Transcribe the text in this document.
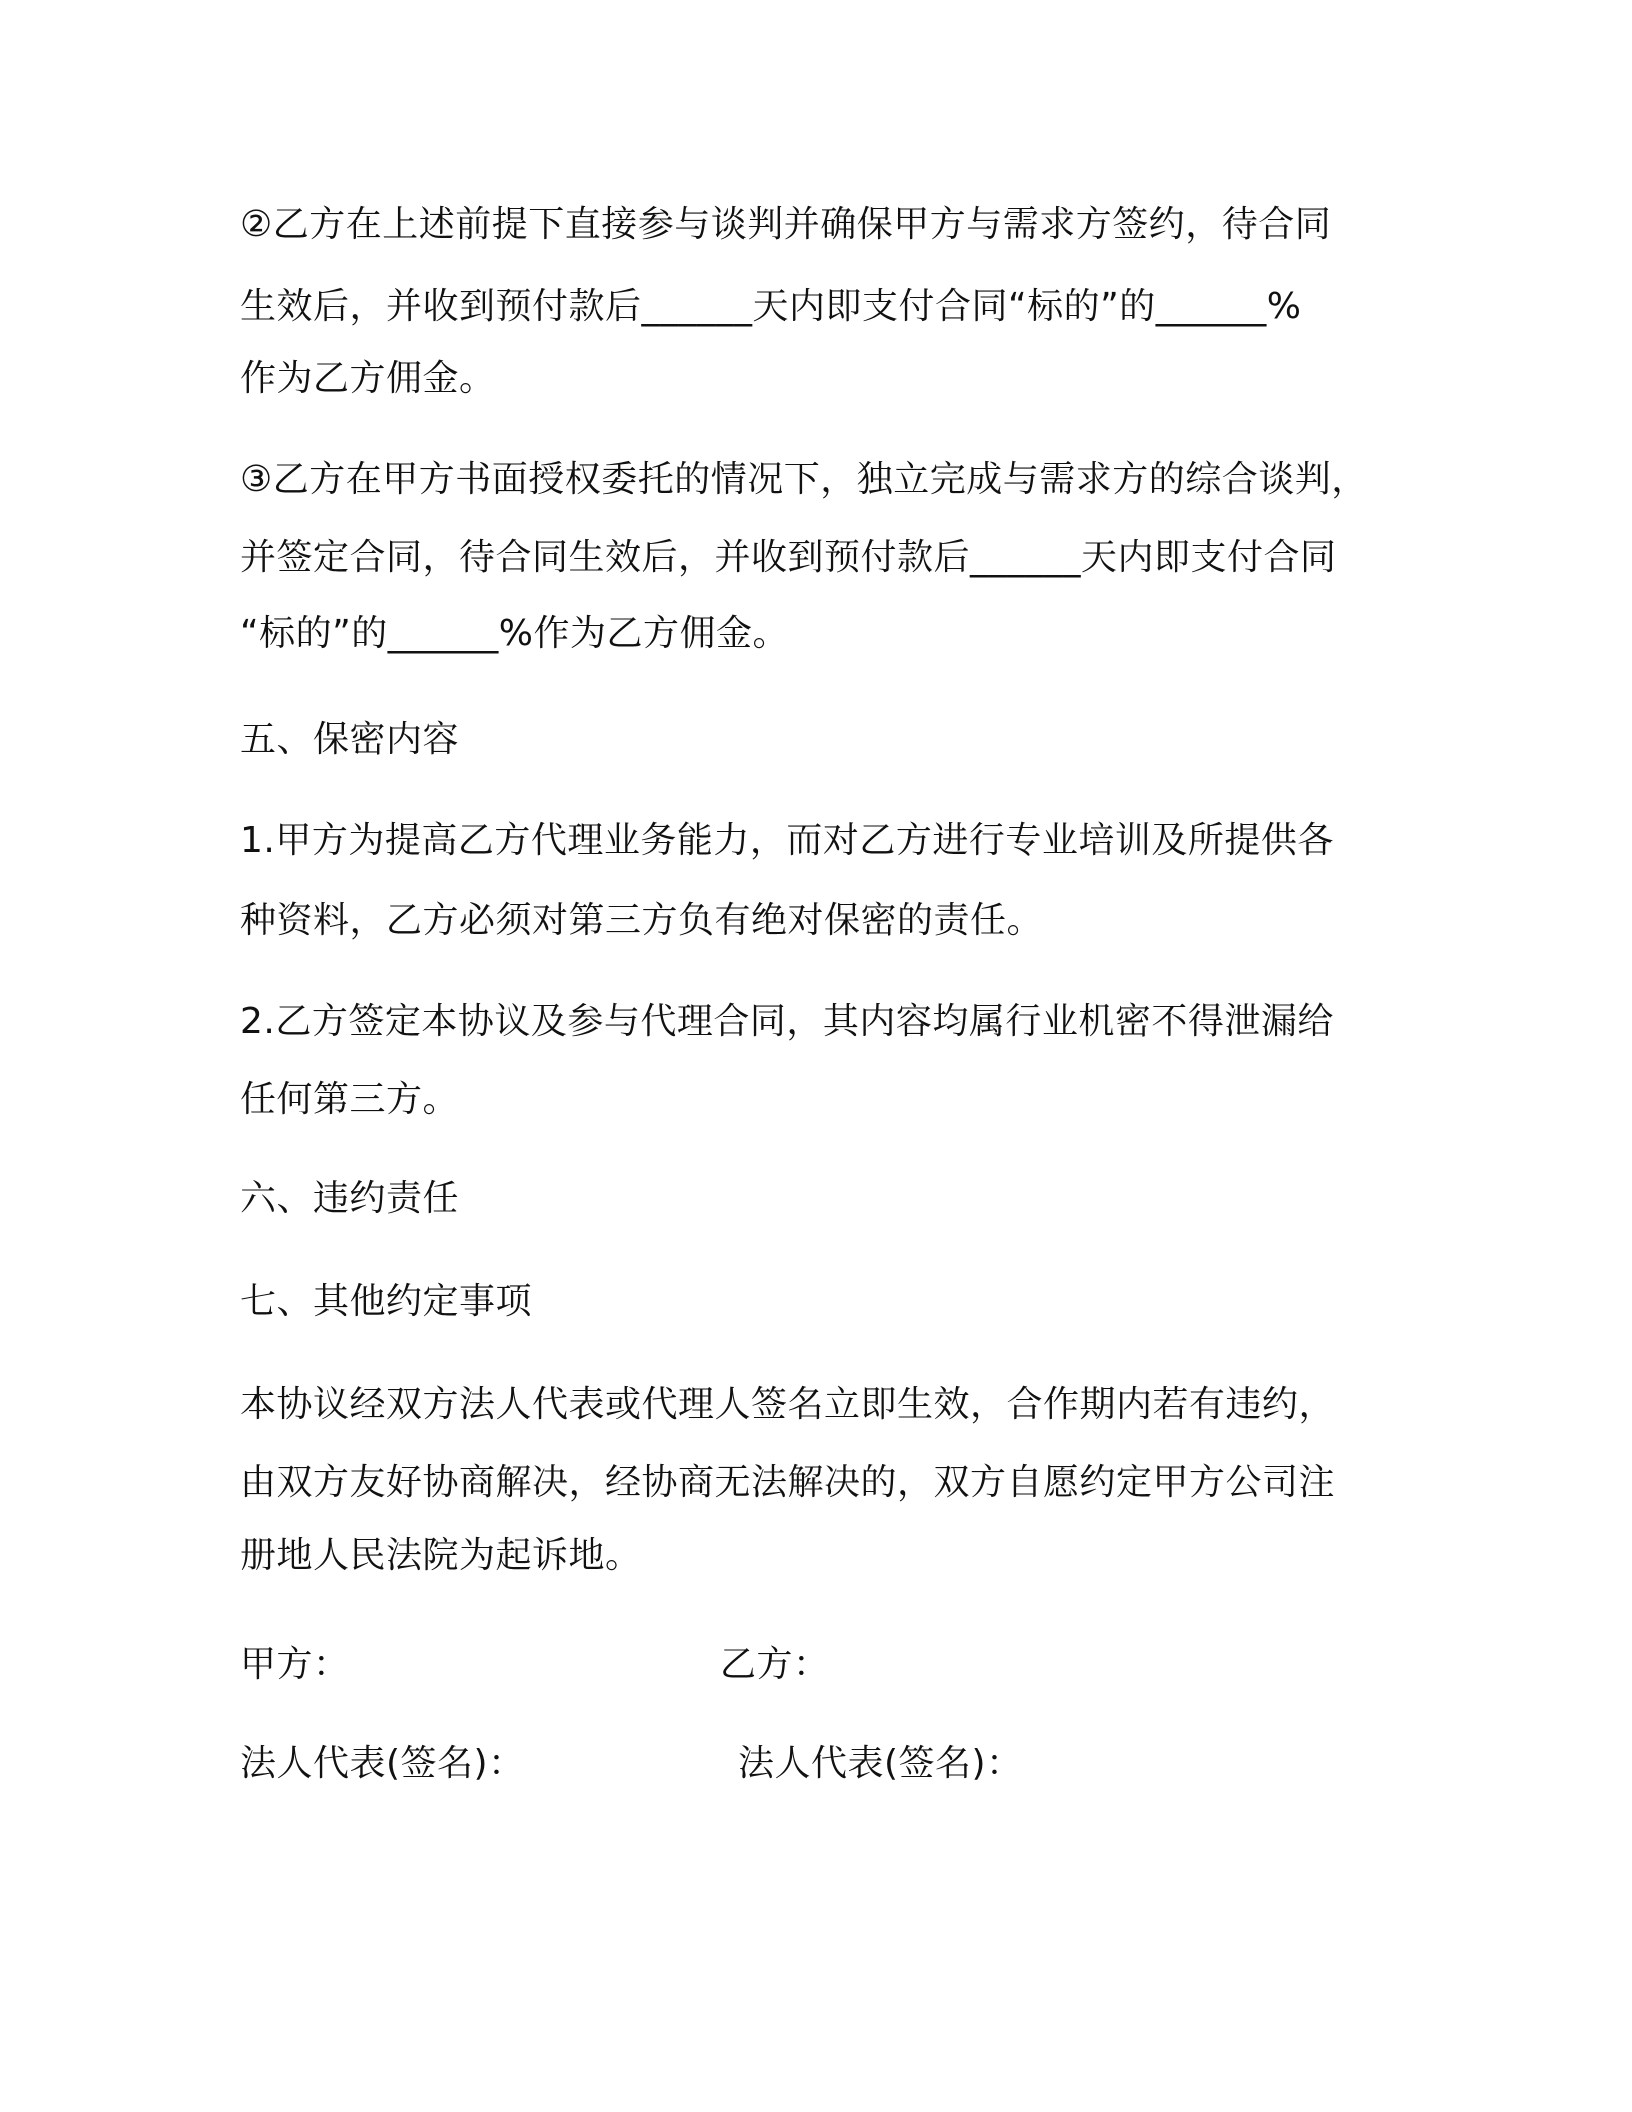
②乙方在上述前提下直接参与谈判并确保甲方与需求方签约，待合同
生效后，并收到预付款后______天内即支付合同“标的”的______%
作为乙方佣金。
③乙方在甲方书面授权委托的情况下，独立完成与需求方的综合谈判，
并签定合同，待合同生效后，并收到预付款后______天内即支付合同
“标的”的______%作为乙方佣金。
五、保密内容
1.甲方为提高乙方代理业务能力，而对乙方进行专业培训及所提供各
种资料，乙方必须对第三方负有绝对保密的责任。
2.乙方签定本协议及参与代理合同，其内容均属行业机密不得泄漏给
任何第三方。
六、违约责任
七、其他约定事项
本协议经双方法人代表或代理人签名立即生效，合作期内若有违约，
由双方友好协商解决，经协商无法解决的，双方自愿约定甲方公司注
册地人民法院为起诉地。
甲方：	乙方：
法人代表(签名)：	法人代表(签名)：
